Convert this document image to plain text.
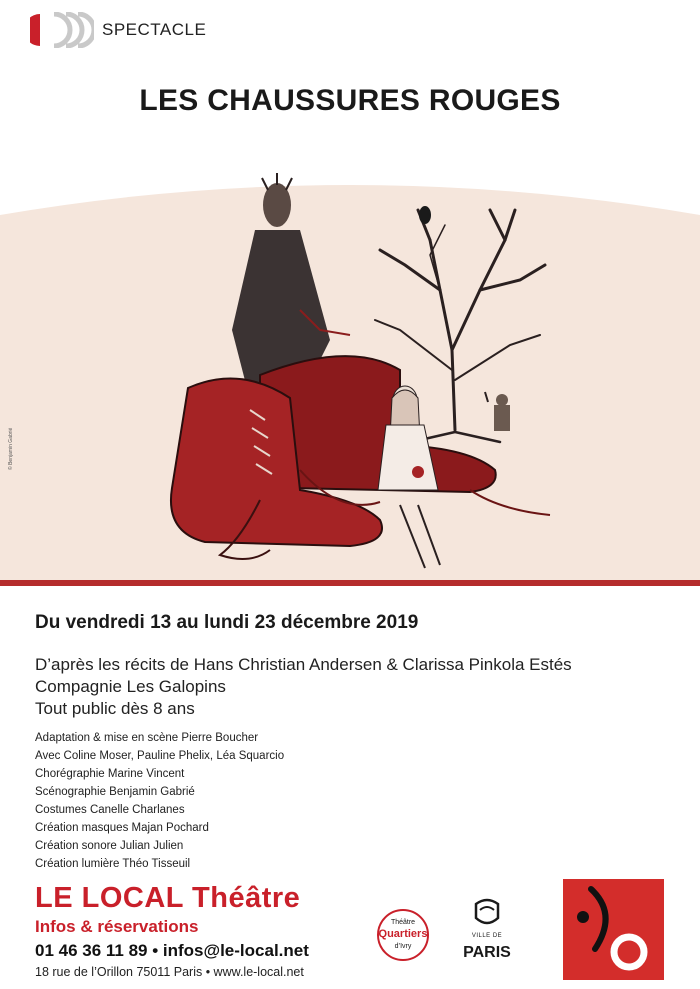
SPECTACLE
LES CHAUSSURES ROUGES
© Benjamin Gabrié
Du vendredi 13 au lundi 23 décembre 2019
D’après les récits de Hans Christian Andersen & Clarissa Pinkola Estés
Compagnie Les Galopins
Tout public dès 8 ans
Adaptation & mise en scène Pierre Boucher
Avec Coline Moser, Pauline Phelix, Léa Squarcio
Chorégraphie Marine Vincent
Scénographie Benjamin Gabrié
Costumes Canelle Charlanes
Création masques Majan Pochard
Création sonore Julian Julien
Création lumière Théo Tisseuil
LE LOCAL Théâtre
Infos & réservations
01 46 36 11 89 • infos@le-local.net
18 rue de l’Orillon 75011 Paris • www.le-local.net
Théâtre
Quartiers
d’Ivry
VILLE DE
PARIS
